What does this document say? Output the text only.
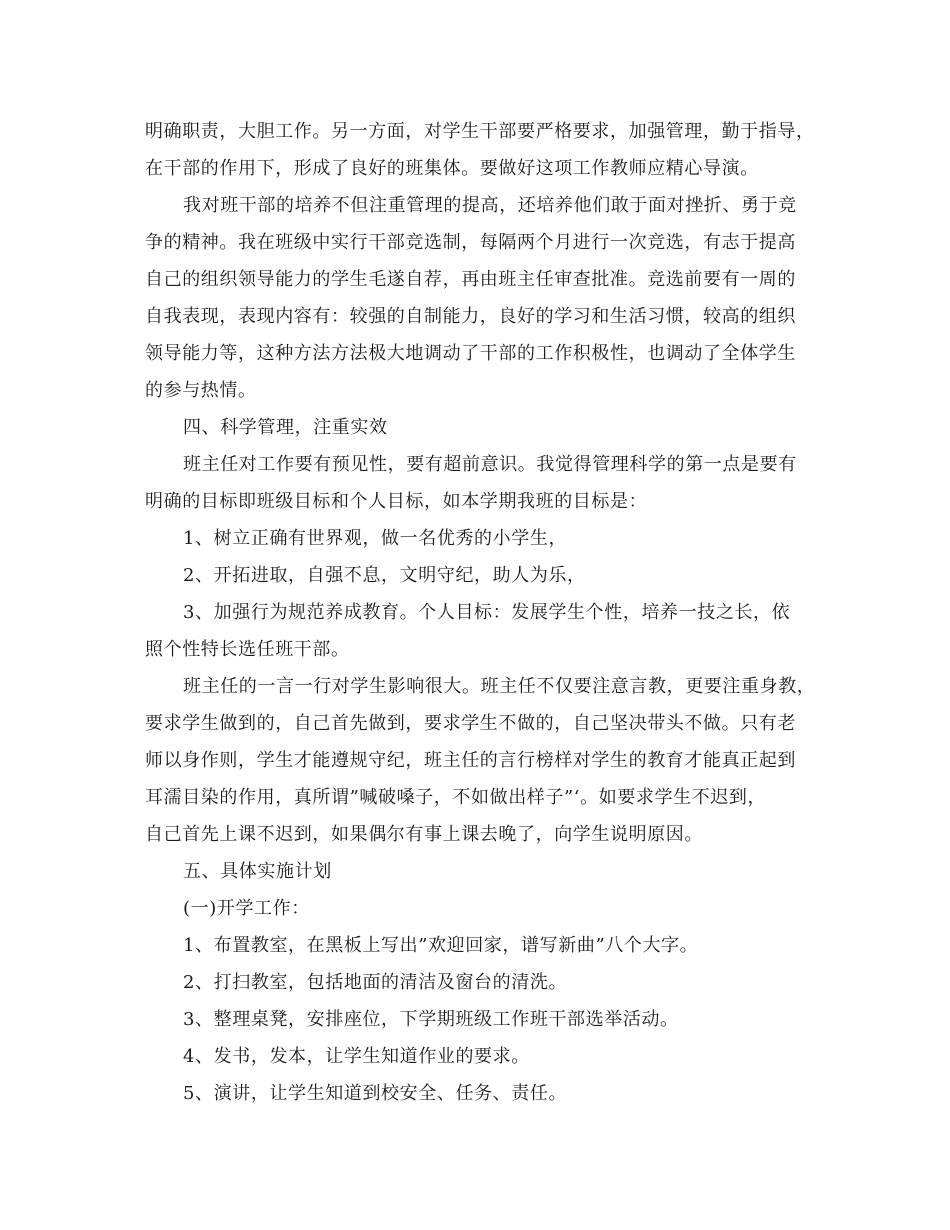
明确职责，大胆工作。另一方面，对学生干部要严格要求，加强管理，勤于指导，
在干部的作用下，形成了良好的班集体。要做好这项工作教师应精心导演。
我对班干部的培养不但注重管理的提高，还培养他们敢于面对挫折、勇于竞
争的精神。我在班级中实行干部竞选制，每隔两个月进行一次竞选，有志于提高
自己的组织领导能力的学生毛遂自荐，再由班主任审查批准。竞选前要有一周的
自我表现，表现内容有：较强的自制能力，良好的学习和生活习惯，较高的组织
领导能力等，这种方法方法极大地调动了干部的工作积极性，也调动了全体学生
的参与热情。
四、科学管理，注重实效
班主任对工作要有预见性，要有超前意识。我觉得管理科学的第一点是要有
明确的目标即班级目标和个人目标，如本学期我班的目标是：
1、树立正确有世界观，做一名优秀的小学生，
2、开拓进取，自强不息，文明守纪，助人为乐，
3、加强行为规范养成教育。个人目标：发展学生个性，培养一技之长，依
照个性特长选任班干部。
班主任的一言一行对学生影响很大。班主任不仅要注意言教，更要注重身教，
要求学生做到的，自己首先做到，要求学生不做的，自己坚决带头不做。只有老
师以身作则，学生才能遵规守纪，班主任的言行榜样对学生的教育才能真正起到
耳濡目染的作用，真所谓”喊破嗓子，不如做出样子”‘。如要求学生不迟到，
自己首先上课不迟到，如果偶尔有事上课去晚了，向学生说明原因。
五、具体实施计划
(一)开学工作：
1、布置教室，在黑板上写出”欢迎回家，谱写新曲”八个大字。
2、打扫教室，包括地面的清洁及窗台的清洗。
3、整理桌凳，安排座位，下学期班级工作班干部选举活动。
4、发书，发本，让学生知道作业的要求。
5、演讲，让学生知道到校安全、任务、责任。
